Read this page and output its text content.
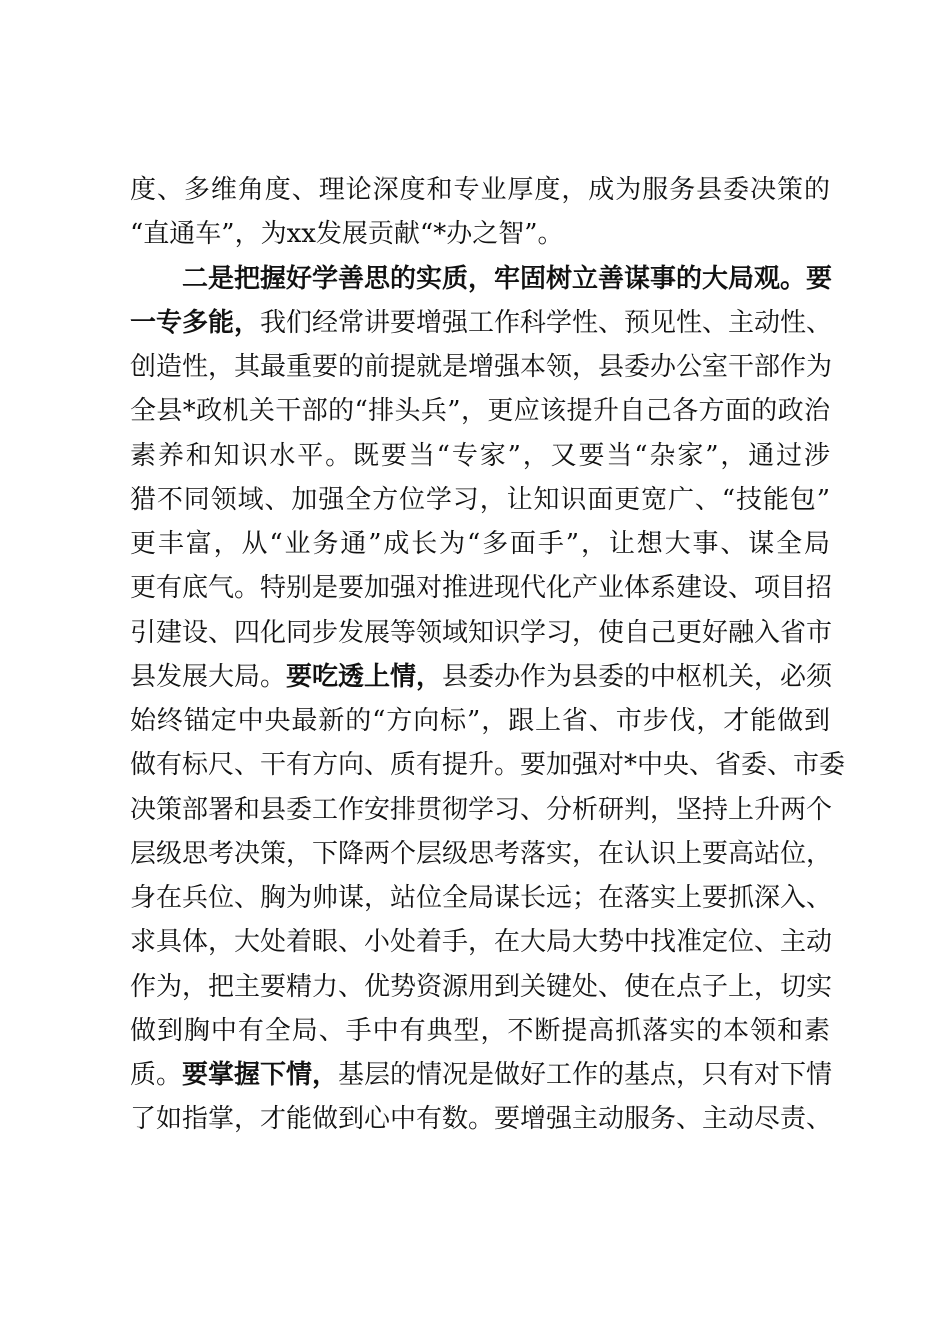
度、多维角度、理论深度和专业厚度，成为服务县委决策的
“直通车”，为xx发展贡献“*办之智”。
二是把握好学善思的实质，牢固树立善谋事的大局观。要
一专多能，我们经常讲要增强工作科学性、预见性、主动性、
创造性，其最重要的前提就是增强本领，县委办公室干部作为
全县*政机关干部的“排头兵”，更应该提升自己各方面的政治
素养和知识水平。既要当“专家”，又要当“杂家”，通过涉
猎不同领域、加强全方位学习，让知识面更宽广、“技能包”
更丰富，从“业务通”成长为“多面手”，让想大事、谋全局
更有底气。特别是要加强对推进现代化产业体系建设、项目招
引建设、四化同步发展等领域知识学习，使自己更好融入省市
县发展大局。要吃透上情，县委办作为县委的中枢机关，必须
始终锚定中央最新的“方向标”，跟上省、市步伐，才能做到
做有标尺、干有方向、质有提升。要加强对*中央、省委、市委
决策部署和县委工作安排贯彻学习、分析研判，坚持上升两个
层级思考决策，下降两个层级思考落实，在认识上要高站位，
身在兵位、胸为帅谋，站位全局谋长远；在落实上要抓深入、
求具体，大处着眼、小处着手，在大局大势中找准定位、主动
作为，把主要精力、优势资源用到关键处、使在点子上，切实
做到胸中有全局、手中有典型，不断提高抓落实的本领和素
质。要掌握下情，基层的情况是做好工作的基点，只有对下情
了如指掌，才能做到心中有数。要增强主动服务、主动尽责、
